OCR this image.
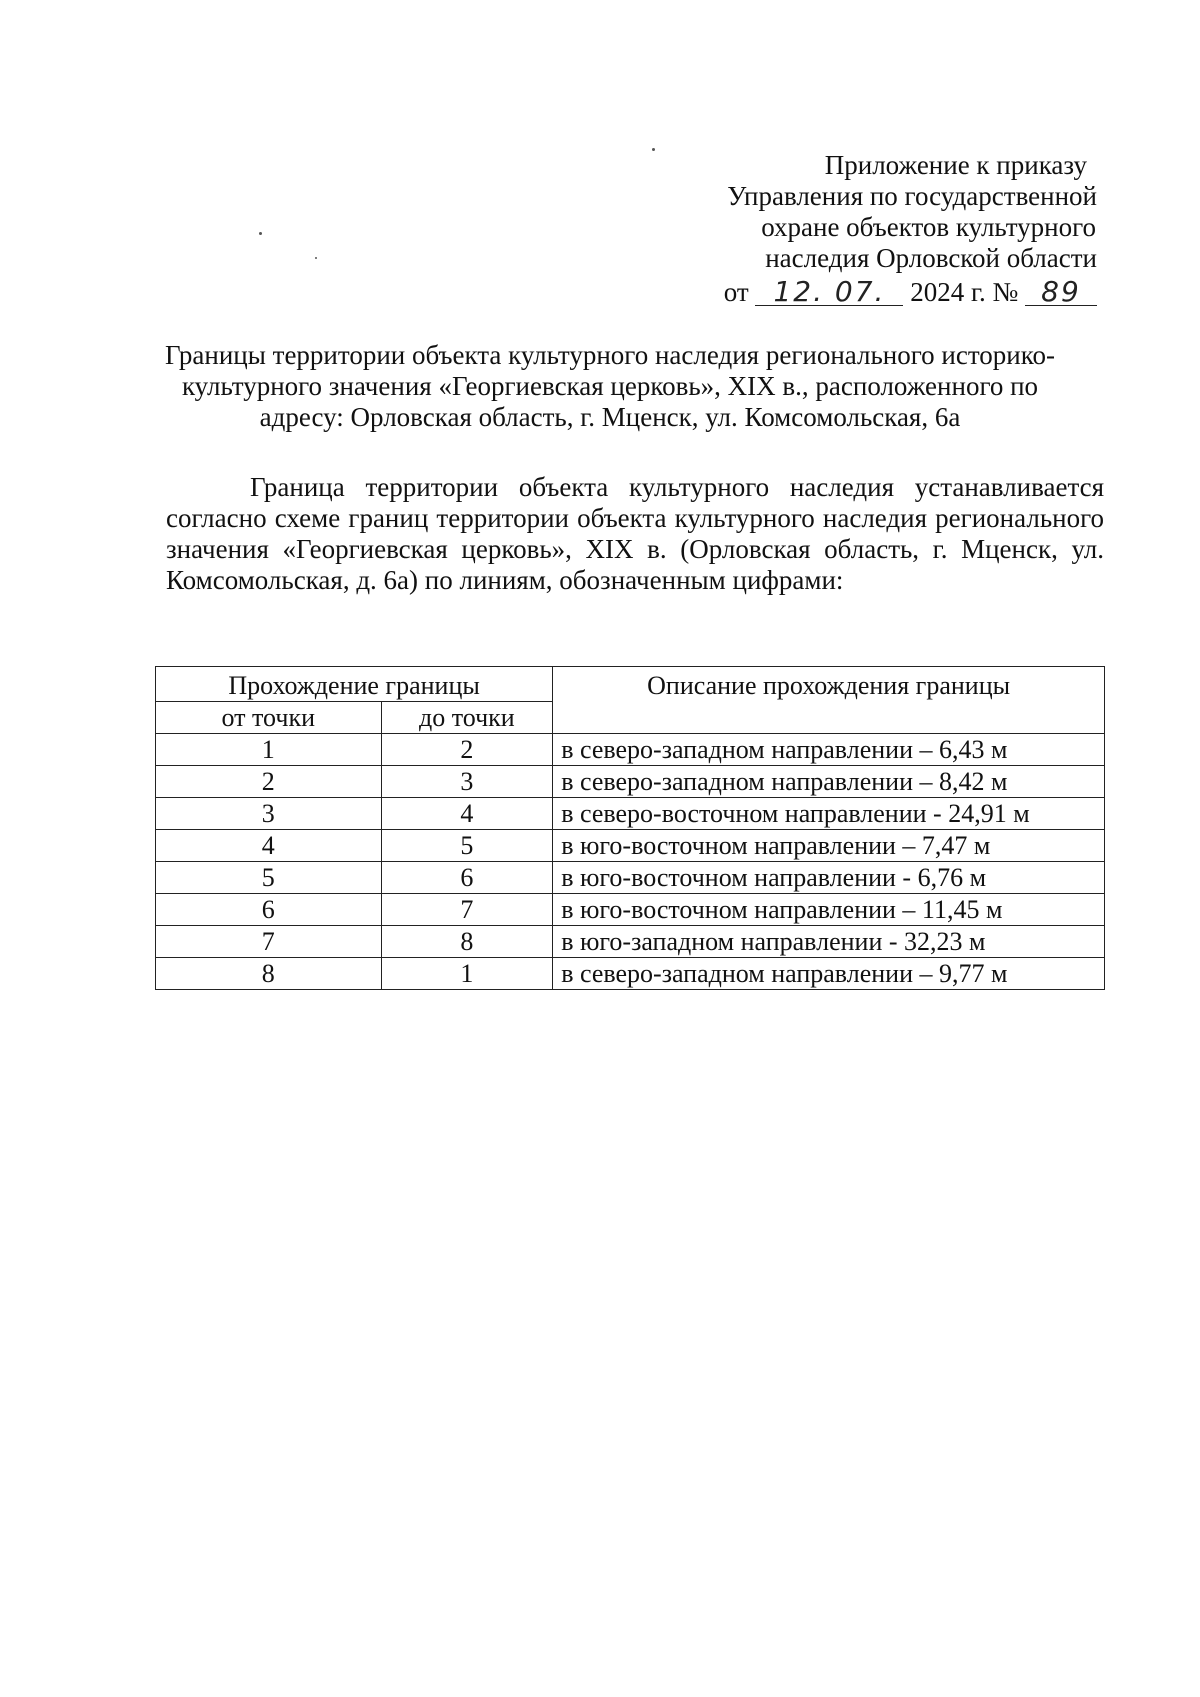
Приложение к приказу
Управления по государственной
охране объектов культурного
наследия Орловской области
от 12. 07. 2024 г. № 89
Границы территории объекта культурного наследия регионального историко-
культурного значения «Георгиевская церковь», XIX в., расположенного по
адресу: Орловская область, г. Мценск, ул. Комсомольская, 6а
Граница территории объекта культурного наследия устанавливается согласно схеме границ территории объекта культурного наследия регионального значения «Георгиевская церковь», XIX в. (Орловская область, г. Мценск, ул. Комсомольская, д. 6а) по линиям, обозначенным цифрами:
Прохождение границы		Описание прохождения границы
от точки	до точки	
1	2	в северо-западном направлении – 6,43 м
2	3	в северо-западном направлении – 8,42 м
3	4	в северо-восточном направлении - 24,91 м
4	5	в юго-восточном направлении – 7,47 м
5	6	в юго-восточном направлении - 6,76 м
6	7	в юго-восточном направлении – 11,45 м
7	8	в юго-западном направлении - 32,23 м
8	1	в северо-западном направлении – 9,77 м
